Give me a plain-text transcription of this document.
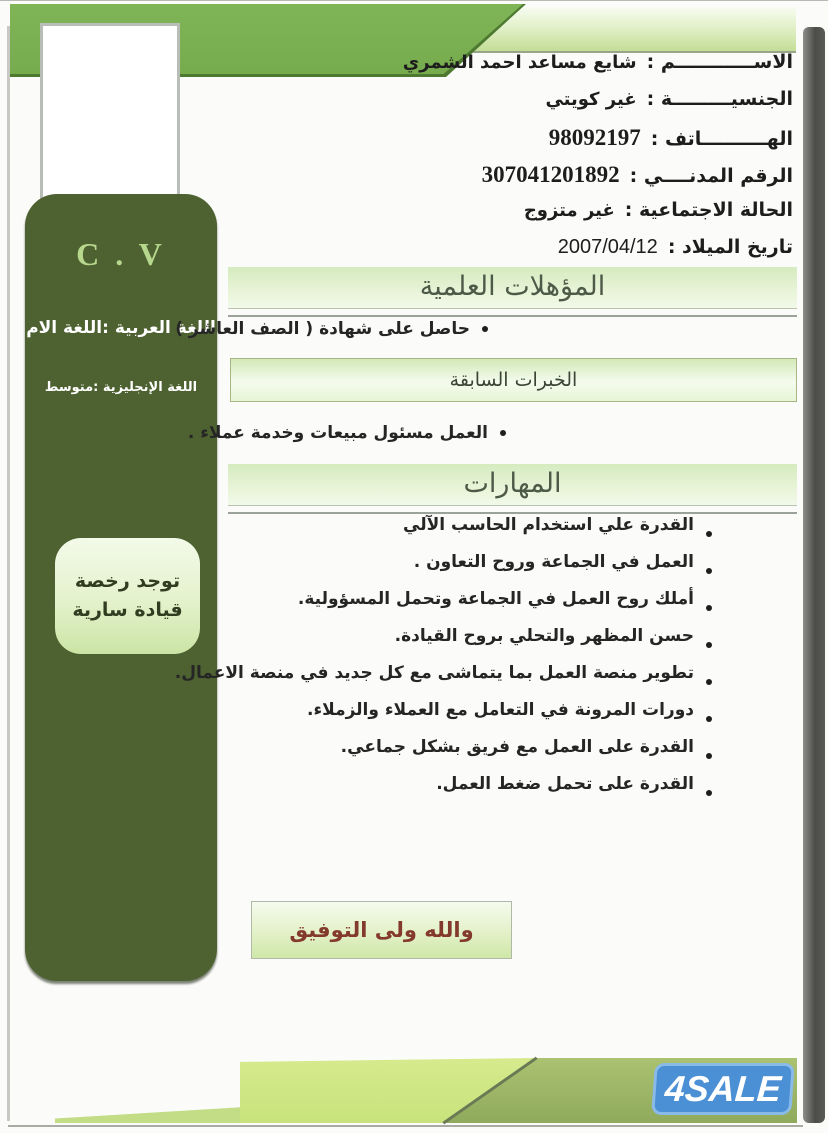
الاســــــــــــم :
شايع مساعد احمد الشمري
الجنسيـــــــــة :
غير كويتي
الهــــــــــاتف :
98092197
الرقم المدنــــي :
307041201892
الحالة الاجتماعية :
غير متزوج
تاريخ الميلاد :
2007/04/12
C . V
اللغة العربية :اللغة الام
اللغة الإنجليزية :متوسط
توجد رخصة
قيادة سارية
المؤهلات العلمية
حاصل على شهادة ( الصف العاشر )
الخبرات السابقة
العمل مسئول مبيعات وخدمة عملاء .
المهارات
القدرة علي استخدام الحاسب الآلي
العمل في الجماعة وروح التعاون .
أملك روح العمل في الجماعة وتحمل المسؤولية.
حسن المظهر والتحلي بروح القيادة.
تطوير منصة العمل بما يتماشى مع كل جديد في منصة الاعمال.
دورات المرونة في التعامل مع العملاء والزملاء.
القدرة على العمل مع فريق بشكل جماعي.
القدرة على تحمل ضغط العمل.
والله ولى التوفيق
4SALE
